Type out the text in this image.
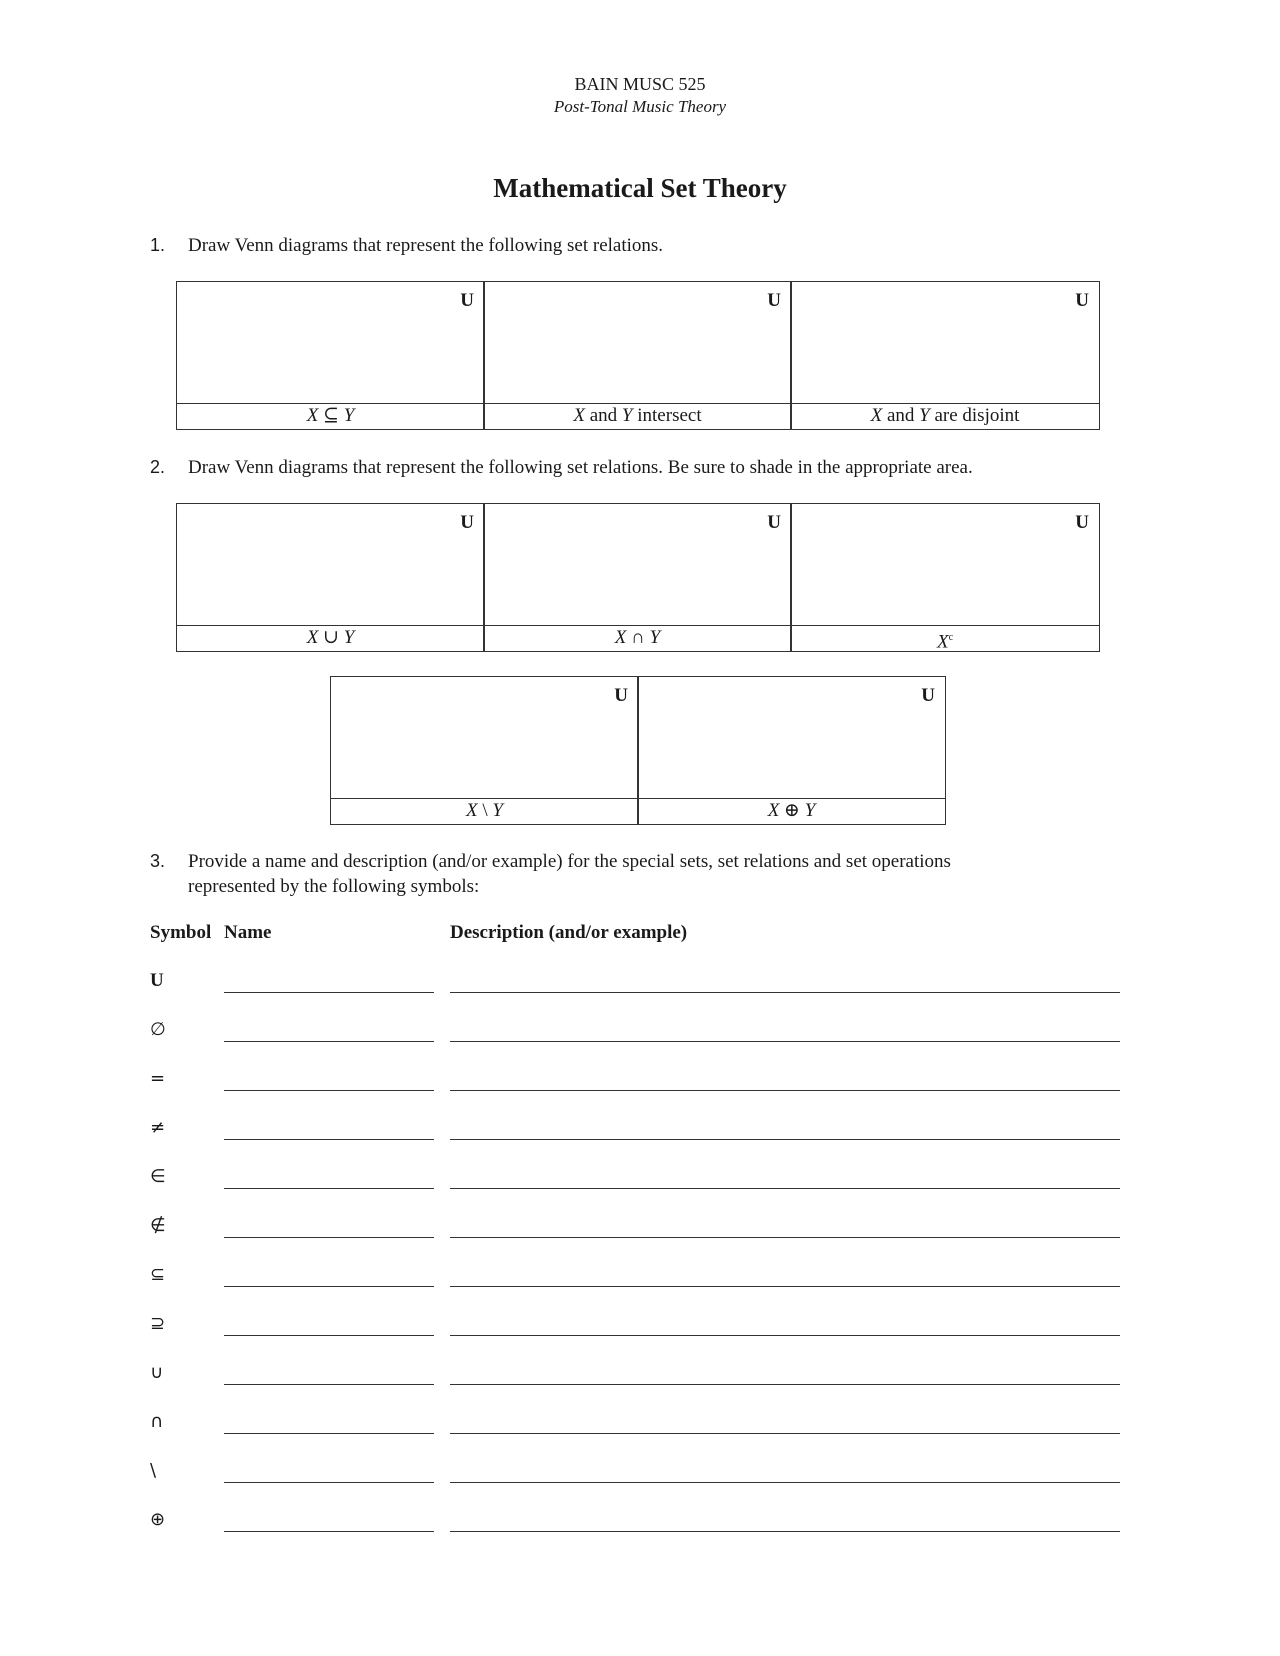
BAIN MUSC 525
Post-Tonal Music Theory
Mathematical Set Theory
1. Draw Venn diagrams that represent the following set relations.
U
X ⊆ Y
U
X and Y intersect
U
X and Y are disjoint
2. Draw Venn diagrams that represent the following set relations. Be sure to shade in the appropriate area.
U
X ∪ Y
U
X ∩ Y
U
$X^c$
U
X \ Y
U
X ⊕ Y
3. Provide a name and description (and/or example) for the special sets, set relations and set operations
represented by the following symbols:
Symbol Name	Description (and/or example)
U
∅
=
≠
∈
∉
⊆
⊇
∪
∩
\
⊕
